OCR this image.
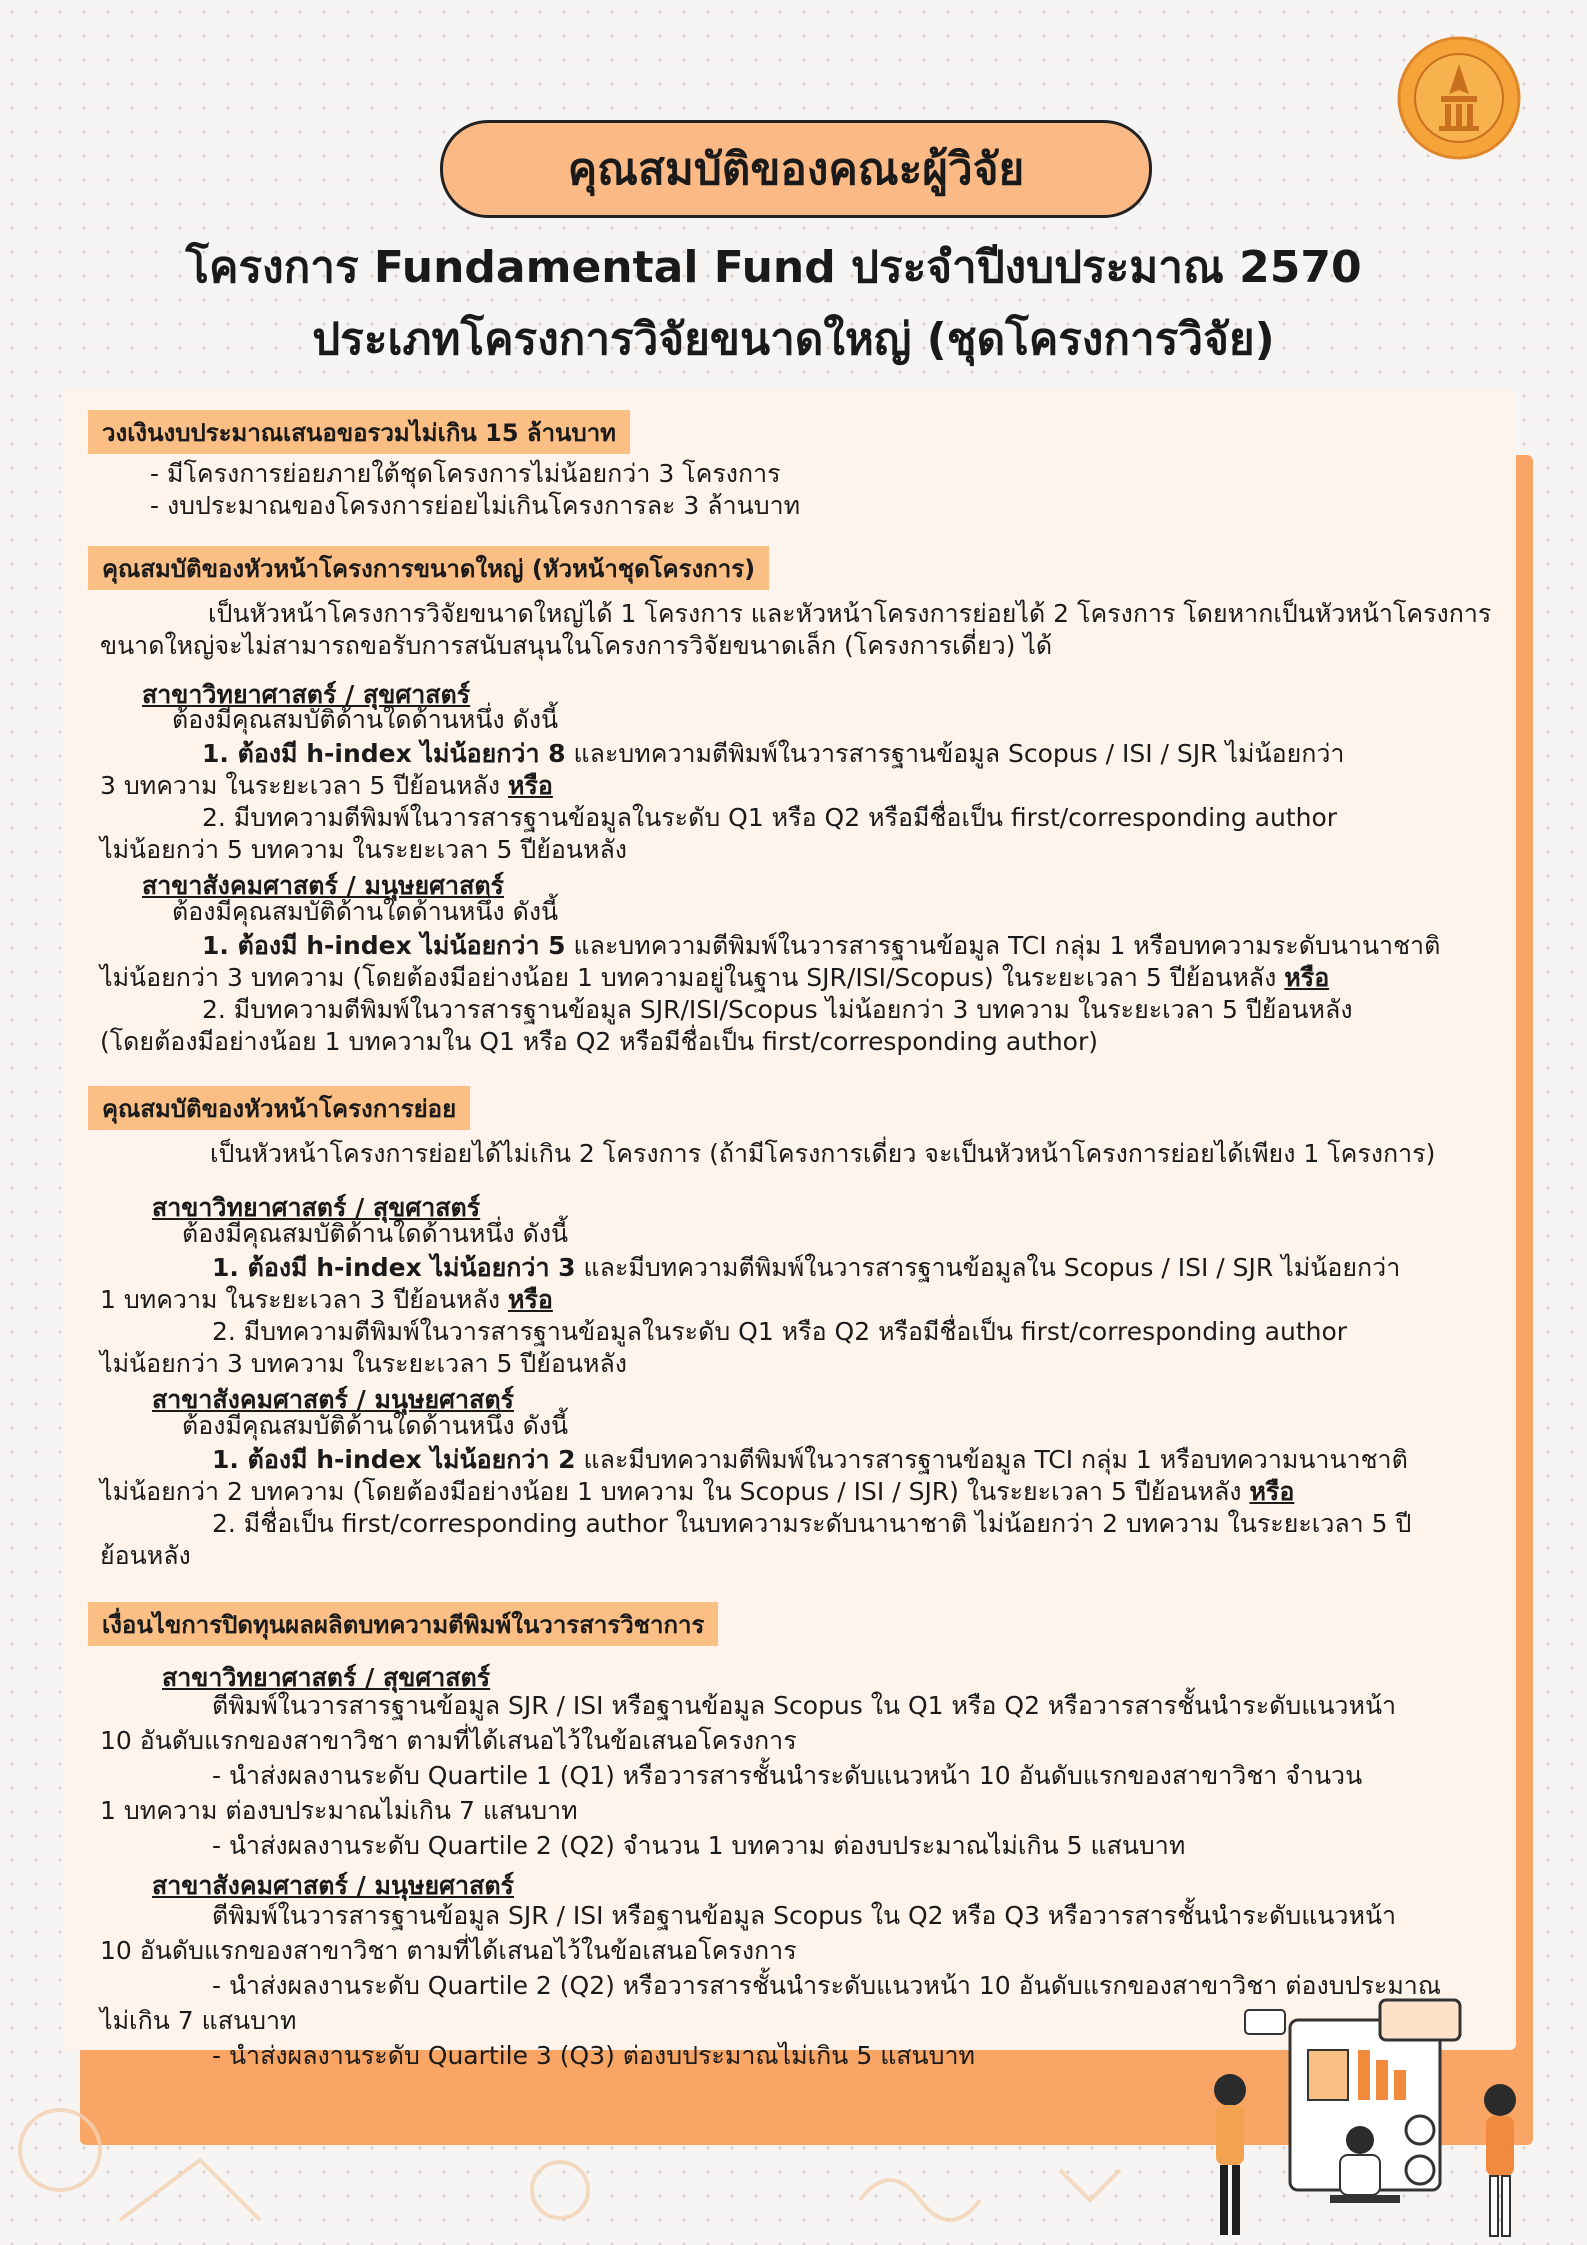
คุณสมบัติของคณะผู้วิจัย
โครงการ Fundamental Fund ประจำปีงบประมาณ 2570
ประเภทโครงการวิจัยขนาดใหญ่ (ชุดโครงการวิจัย)
วงเงินงบประมาณเสนอขอรวมไม่เกิน 15 ล้านบาท
- มีโครงการย่อยภายใต้ชุดโครงการไม่น้อยกว่า 3 โครงการ
- งบประมาณของโครงการย่อยไม่เกินโครงการละ 3 ล้านบาท
คุณสมบัติของหัวหน้าโครงการขนาดใหญ่ (หัวหน้าชุดโครงการ)
เป็นหัวหน้าโครงการวิจัยขนาดใหญ่ได้ 1 โครงการ และหัวหน้าโครงการย่อยได้ 2 โครงการ โดยหากเป็นหัวหน้าโครงการ
ขนาดใหญ่จะไม่สามารถขอรับการสนับสนุนในโครงการวิจัยขนาดเล็ก (โครงการเดี่ยว) ได้
สาขาวิทยาศาสตร์ / สุขศาสตร์
ต้องมีคุณสมบัติด้านใดด้านหนึ่ง ดังนี้
1. ต้องมี h-index ไม่น้อยกว่า 8 และบทความตีพิมพ์ในวารสารฐานข้อมูล Scopus / ISI / SJR ไม่น้อยกว่า
3 บทความ ในระยะเวลา 5 ปีย้อนหลัง หรือ
2. มีบทความตีพิมพ์ในวารสารฐานข้อมูลในระดับ Q1 หรือ Q2 หรือมีชื่อเป็น first/corresponding author
ไม่น้อยกว่า 5 บทความ ในระยะเวลา 5 ปีย้อนหลัง
สาขาสังคมศาสตร์ / มนุษยศาสตร์
ต้องมีคุณสมบัติด้านใดด้านหนึ่ง ดังนี้
1. ต้องมี h-index ไม่น้อยกว่า 5 และบทความตีพิมพ์ในวารสารฐานข้อมูล TCI กลุ่ม 1 หรือบทความระดับนานาชาติ
ไม่น้อยกว่า 3 บทความ (โดยต้องมีอย่างน้อย 1 บทความอยู่ในฐาน SJR/ISI/Scopus) ในระยะเวลา 5 ปีย้อนหลัง หรือ
2. มีบทความตีพิมพ์ในวารสารฐานข้อมูล SJR/ISI/Scopus ไม่น้อยกว่า 3 บทความ ในระยะเวลา 5 ปีย้อนหลัง
(โดยต้องมีอย่างน้อย 1 บทความใน Q1 หรือ Q2 หรือมีชื่อเป็น first/corresponding author)
คุณสมบัติของหัวหน้าโครงการย่อย
เป็นหัวหน้าโครงการย่อยได้ไม่เกิน 2 โครงการ (ถ้ามีโครงการเดี่ยว จะเป็นหัวหน้าโครงการย่อยได้เพียง 1 โครงการ)
สาขาวิทยาศาสตร์ / สุขศาสตร์
ต้องมีคุณสมบัติด้านใดด้านหนึ่ง ดังนี้
1. ต้องมี h-index ไม่น้อยกว่า 3 และมีบทความตีพิมพ์ในวารสารฐานข้อมูลใน Scopus / ISI / SJR ไม่น้อยกว่า
1 บทความ ในระยะเวลา 3 ปีย้อนหลัง หรือ
2. มีบทความตีพิมพ์ในวารสารฐานข้อมูลในระดับ Q1 หรือ Q2 หรือมีชื่อเป็น first/corresponding author
ไม่น้อยกว่า 3 บทความ ในระยะเวลา 5 ปีย้อนหลัง
สาขาสังคมศาสตร์ / มนุษยศาสตร์
ต้องมีคุณสมบัติด้านใดด้านหนึ่ง ดังนี้
1. ต้องมี h-index ไม่น้อยกว่า 2 และมีบทความตีพิมพ์ในวารสารฐานข้อมูล TCI กลุ่ม 1 หรือบทความนานาชาติ
ไม่น้อยกว่า 2 บทความ (โดยต้องมีอย่างน้อย 1 บทความ ใน Scopus / ISI / SJR) ในระยะเวลา 5 ปีย้อนหลัง หรือ
2. มีชื่อเป็น first/corresponding author ในบทความระดับนานาชาติ ไม่น้อยกว่า 2 บทความ ในระยะเวลา 5 ปี
ย้อนหลัง
เงื่อนไขการปิดทุนผลผลิตบทความตีพิมพ์ในวารสารวิชาการ
สาขาวิทยาศาสตร์ / สุขศาสตร์
ตีพิมพ์ในวารสารฐานข้อมูล SJR / ISI หรือฐานข้อมูล Scopus ใน Q1 หรือ Q2 หรือวารสารชั้นนำระดับแนวหน้า
10 อันดับแรกของสาขาวิชา ตามที่ได้เสนอไว้ในข้อเสนอโครงการ
- นำส่งผลงานระดับ Quartile 1 (Q1) หรือวารสารชั้นนำระดับแนวหน้า 10 อันดับแรกของสาขาวิชา จำนวน
1 บทความ ต่องบประมาณไม่เกิน 7 แสนบาท
- นำส่งผลงานระดับ Quartile 2 (Q2) จำนวน 1 บทความ ต่องบประมาณไม่เกิน 5 แสนบาท
สาขาสังคมศาสตร์ / มนุษยศาสตร์
ตีพิมพ์ในวารสารฐานข้อมูล SJR / ISI หรือฐานข้อมูล Scopus ใน Q2 หรือ Q3 หรือวารสารชั้นนำระดับแนวหน้า
10 อันดับแรกของสาขาวิชา ตามที่ได้เสนอไว้ในข้อเสนอโครงการ
- นำส่งผลงานระดับ Quartile 2 (Q2) หรือวารสารชั้นนำระดับแนวหน้า 10 อันดับแรกของสาขาวิชา ต่องบประมาณ
ไม่เกิน 7 แสนบาท
- นำส่งผลงานระดับ Quartile 3 (Q3) ต่องบประมาณไม่เกิน 5 แสนบาท
